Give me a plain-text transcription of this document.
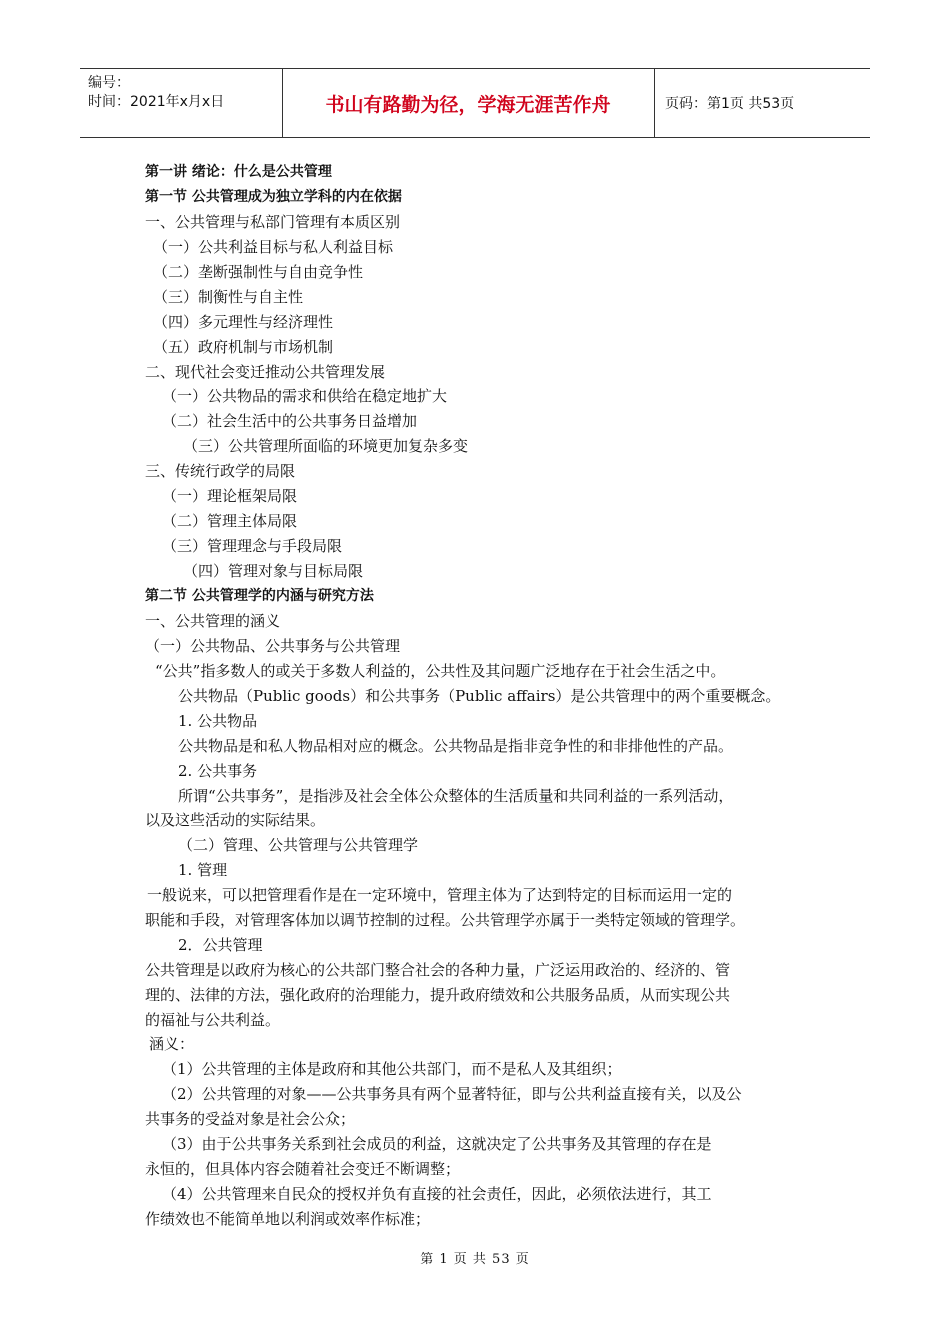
编号：
时间：2021年x月x日	书山有路勤为径，学海无涯苦作舟	页码：第1页 共53页
第一讲 绪论：什么是公共管理
第一节 公共管理成为独立学科的内在依据
一、公共管理与私部门管理有本质区别
（一）公共利益目标与私人利益目标
（二）垄断强制性与自由竞争性
（三）制衡性与自主性
（四）多元理性与经济理性
（五）政府机制与市场机制
二、现代社会变迁推动公共管理发展
（一）公共物品的需求和供给在稳定地扩大
（二）社会生活中的公共事务日益增加
（三）公共管理所面临的环境更加复杂多变
三、传统行政学的局限
（一）理论框架局限
（二）管理主体局限
（三）管理理念与手段局限
（四）管理对象与目标局限
第二节 公共管理学的内涵与研究方法
一、公共管理的涵义
（一）公共物品、公共事务与公共管理
“公共”指多数人的或关于多数人利益的，公共性及其问题广泛地存在于社会生活之中。
公共物品（Public goods）和公共事务（Public affairs）是公共管理中的两个重要概念。
1. 公共物品
公共物品是和私人物品相对应的概念。公共物品是指非竞争性的和非排他性的产品。
2. 公共事务
所谓“公共事务”，是指涉及社会全体公众整体的生活质量和共同利益的一系列活动，
以及这些活动的实际结果。
（二）管理、公共管理与公共管理学
1. 管理
一般说来，可以把管理看作是在一定环境中，管理主体为了达到特定的目标而运用一定的
职能和手段，对管理客体加以调节控制的过程。公共管理学亦属于一类特定领域的管理学。
2．公共管理
公共管理是以政府为核心的公共部门整合社会的各种力量，广泛运用政治的、经济的、管
理的、法律的方法，强化政府的治理能力，提升政府绩效和公共服务品质，从而实现公共
的福祉与公共利益。
涵义：
（1）公共管理的主体是政府和其他公共部门，而不是私人及其组织；
（2）公共管理的对象——公共事务具有两个显著特征，即与公共利益直接有关，以及公
共事务的受益对象是社会公众；
（3）由于公共事务关系到社会成员的利益，这就决定了公共事务及其管理的存在是
永恒的，但具体内容会随着社会变迁不断调整；
（4）公共管理来自民众的授权并负有直接的社会责任，因此，必须依法进行，其工
作绩效也不能简单地以利润或效率作标准；
第 1 页 共 53 页
